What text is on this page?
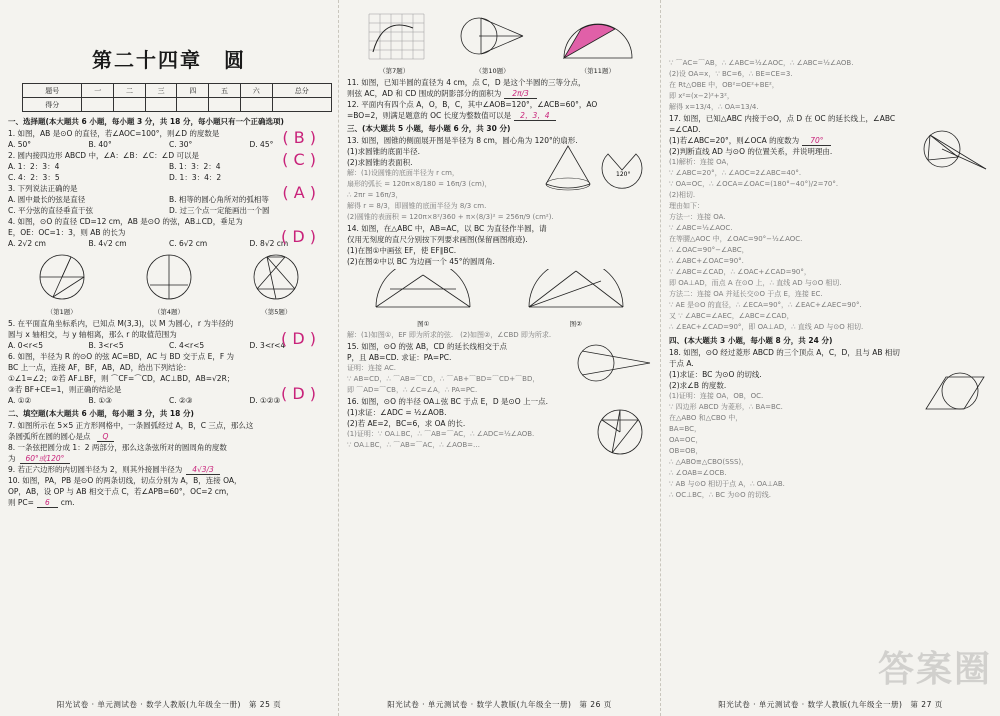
第二十四章　圆
题号	一	二	三	四	五	六	总分
得分							
一、选择题(本大题共 6 小题，每小题 3 分，共 18 分，每小题只有一个正确选项)

1. 如图，AB 是⊙O 的直径，若∠AOC=100°，则∠D 的度数是	( B )
A. 50°	B. 40°	C. 30°	D. 45°

2. 圆内接四边形 ABCD 中，∠A：∠B：∠C：∠D 可以是	( C )
A. 1：2：3：4	B. 1：3：2：4
C. 4：2：3：5	D. 1：3：4：2

3. 下列说法正确的是	( A )
A. 圆中最长的弦是直径	B. 相等的圆心角所对的弧相等
C. 平分弦的直径垂直于弦	D. 过三个点一定能画出一个圆

4. 如图，⊙O 的直径 CD=12 cm，AB 是⊙O 的弦，AB⊥CD，垂足为

E，OE：OC=1：3，则 AB 的长为	( D )
A. 2√2 cm	B. 4√2 cm	C. 6√2 cm	D. 8√2 cm
（第1题）	（第4题）	（第5题）

5. 在平面直角坐标系内，已知点 M(3,3)，以 M 为圆心，r 为半径的

圆与 x 轴相交，与 y 轴相离，那么 r 的取值范围为	( D )
A. 0<r<5	B. 3<r<5	C. 4<r<5	D. 3<r<4

6. 如图，半径为 R 的⊙O 的弦 AC=BD，AC 与 BD 交于点 E，F 为

BC 上一点，连接 AF，BF，AB，AD，给出下列结论：

①∠1=∠2；②若 AF⊥BF，则 ⌒CF=⌒CD，AC⊥BD，AB=√2R；

③若 BF+CE=1，则正确的结论是	( D )
A. ①②	B. ①③	C. ②③	D. ①②③
二、填空题(本大题共 6 小题，每小题 3 分，共 18 分)

7. 如图所示在 5×5 正方形网格中，一条圆弧经过 A，B，C 三点，那么这

条圆弧所在圆的圆心是点 Q

8. 一条弦把圆分成 1：2 两部分，那么这条弦所对的圆周角的度数

为 60°或120°

9. 若正六边形的内切圆半径为 2，则其外接圆半径为 4√3/3

10. 如图，PA，PB 是⊙O 的两条切线，切点分别为 A，B，连接 OA，

OP，AB，设 OP 与 AB 相交于点 C，若∠APB=60°，OC=2 cm，

则 PC= 6 cm.

阳光试卷 · 单元测试卷 · 数学人教版(九年级全一册)　第 25 页
（第7题）	（第10题）	（第11题）

11. 如图，已知半圆的直径为 4 cm，点 C，D 是这个半圆的三等分点，

则弦 AC，AD 和 CD 围成的阴影部分的面积为 2π/3

12. 平面内有四个点 A，O，B，C，其中∠AOB=120°，∠ACB=60°，AO

=BO=2，则满足题意的 OC 长度为整数值可以是 2，3，4

三、(本大题共 5 小题，每小题 6 分，共 30 分)

13. 如图，圆锥的侧面展开图是半径为 8 cm，圆心角为 120°的扇形.

(1)求圆锥的底面半径.

(2)求圆锥的表面积.

120°

解：(1)设圆锥的底面半径为 r cm，

扇形的弧长 = 120π×8/180 = 16π/3 (cm)，

∴ 2πr = 16π/3，

解得 r = 8/3，即圆锥的底面半径为 8/3 cm.

(2)圆锥的表面积 = 120π×8²/360 + π×(8/3)² = 256π/9 (cm²).

14. 如图，在△ABC 中，AB=AC，以 BC 为直径作半圆，请

仅用无刻度的直尺分别按下列要求画图(保留画图痕迹).

(1)在图①中画弦 EF，使 EF∥BC.

(2)在图②中以 BC 为边画一个 45°的圆周角.

图①	图②

解：(1)如图①，EF 即为所求的弦.　(2)如图②，∠CBD 即为所求.

15. 如图，⊙O 的弦 AB，CD 的延长线相交于点

P，且 AB=CD. 求证：PA=PC.

证明：连接 AC.

∵ AB=CD，∴ ⌒AB=⌒CD，∴ ⌒AB+⌒BD=⌒CD+⌒BD，

即 ⌒AD=⌒CB，∴ ∠C=∠A，∴ PA=PC.

16. 如图，⊙O 的半径 OA⊥弦 BC 于点 E，D 是⊙O 上一点.

(1)求证：∠ADC = ½∠AOB.

(2)若 AE=2，BC=6，求 OA 的长.

(1)证明：∵ OA⊥BC，∴ ⌒AB=⌒AC，∴ ∠ADC=½∠AOB.

∵ OA⊥BC，∴ ⌒AB=⌒AC，∴ ∠AOB=…

阳光试卷 · 单元测试卷 · 数学人教版(九年级全一册)　第 26 页

∵ ⌒AC=⌒AB，∴ ∠ABC=½∠AOC，∴ ∠ABC=½∠AOB.

(2)设 OA=x，∵ BC=6，∴ BE=CE=3.

在 Rt△OBE 中，OB²=OE²+BE²，

即 x²=(x−2)²+3²，

解得 x=13/4，∴ OA=13/4.

17. 如图，已知△ABC 内接于⊙O，点 D 在 OC 的延长线上，∠ABC

=∠CAD.

(1)若∠ABC=20°，则∠OCA 的度数为 70°

(2)判断直线 AD 与⊙O 的位置关系，并说明理由.

(1)解析：连接 OA，

∵ ∠ABC=20°，∴ ∠AOC=2∠ABC=40°.

∵ OA=OC，∴ ∠OCA=∠OAC=(180°−40°)/2=70°.

(2)相切.

理由如下：

方法一：连接 OA.

∵ ∠ABC=½∠AOC.

在等腰△AOC 中，∠OAC=90°−½∠AOC.

∴ ∠OAC=90°−∠ABC，

∴ ∠ABC+∠OAC=90°.

∵ ∠ABC=∠CAD，∴ ∠OAC+∠CAD=90°，

即 OA⊥AD，而点 A 在⊙O 上，∴ 直线 AD 与⊙O 相切.

方法二：连接 OA 并延长交⊙O 于点 E，连接 EC.

∵ AE 是⊙O 的直径，∴ ∠ECA=90°，∴ ∠EAC+∠AEC=90°.

又 ∵ ∠ABC=∠AEC，∠ABC=∠CAD，

∴ ∠EAC+∠CAD=90°，即 OA⊥AD，∴ 直线 AD 与⊙O 相切.

四、(本大题共 3 小题，每小题 8 分，共 24 分)

18. 如图，⊙O 经过菱形 ABCD 的三个顶点 A，C，D，且与 AB 相切

于点 A.

(1)求证：BC 为⊙O 的切线.

(2)求∠B 的度数.

(1)证明：连接 OA，OB，OC.

∵ 四边形 ABCD 为菱形，∴ BA=BC.

在△ABO 和△CBO 中，

BA=BC，

OA=OC，

OB=OB，

∴ △ABO≌△CBO(SSS)，

∴ ∠OAB=∠OCB.

∵ AB 与⊙O 相切于点 A，∴ OA⊥AB.

∴ OC⊥BC，∴ BC 为⊙O 的切线.

答案圈
阳光试卷 · 单元测试卷 · 数学人教版(九年级全一册)　第 27 页
